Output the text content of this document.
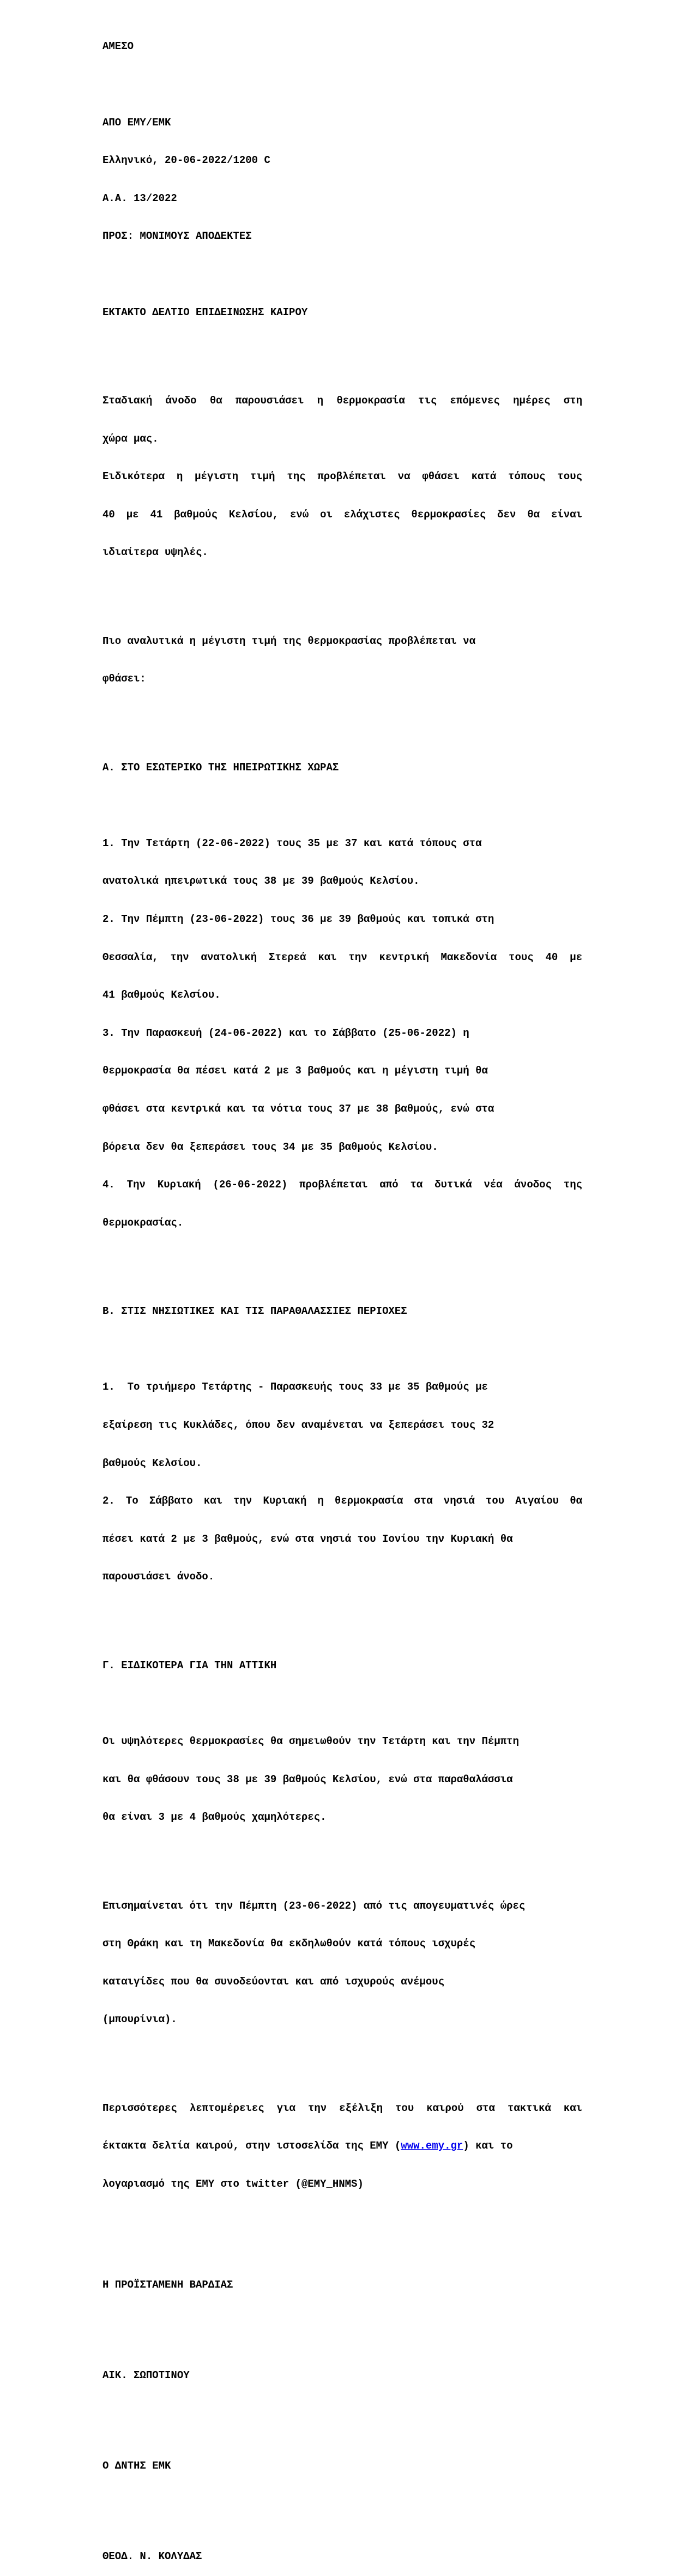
ΑΜΕΣΟ

ΑΠΟ ΕΜΥ/ΕΜΚ

Ελληνικό, 20-06-2022/1200 C

Α.Α. 13/2022

ΠΡΟΣ: ΜΟΝΙΜΟΥΣ ΑΠΟΔΕΚΤΕΣ

ΕΚΤΑΚΤΟ ΔΕΛΤΙΟ ΕΠΙΔΕΙΝΩΣΗΣ ΚΑΙΡΟΥ

Σταδιακή άνοδο θα παρουσιάσει η θερμοκρασία τις επόμενες ημέρες στη

χώρα μας.

Ειδικότερα η μέγιστη τιμή της προβλέπεται να φθάσει κατά τόπους τους

40 με 41 βαθμούς Κελσίου, ενώ οι ελάχιστες θερμοκρασίες δεν θα είναι

ιδιαίτερα υψηλές.

Πιο αναλυτικά η μέγιστη τιμή της θερμοκρασίας προβλέπεται να

φθάσει:

Α. ΣΤΟ ΕΣΩΤΕΡΙΚΟ ΤΗΣ ΗΠΕΙΡΩΤΙΚΗΣ ΧΩΡΑΣ

1. Την Τετάρτη (22-06-2022) τους 35 με 37 και κατά τόπους στα

ανατολικά ηπειρωτικά τους 38 με 39 βαθμούς Κελσίου.

2. Την Πέμπτη (23-06-2022) τους 36 με 39 βαθμούς και τοπικά στη

Θεσσαλία, την ανατολική Στερεά και την κεντρική Μακεδονία τους 40 με

41 βαθμούς Κελσίου.

3. Την Παρασκευή (24-06-2022) και το Σάββατο (25-06-2022) η

θερμοκρασία θα πέσει κατά 2 με 3 βαθμούς και η μέγιστη τιμή θα

φθάσει στα κεντρικά και τα νότια τους 37 με 38 βαθμούς, ενώ στα

βόρεια δεν θα ξεπεράσει τους 34 με 35 βαθμούς Κελσίου.

4. Την Κυριακή (26-06-2022) προβλέπεται από τα δυτικά νέα άνοδος της

θερμοκρασίας.

Β. ΣΤΙΣ ΝΗΣΙΩΤΙΚΕΣ ΚΑΙ ΤΙΣ ΠΑΡΑΘΑΛΑΣΣΙΕΣ ΠΕΡΙΟΧΕΣ

1.  Το τριήμερο Τετάρτης - Παρασκευής τους 33 με 35 βαθμούς με

εξαίρεση τις Κυκλάδες, όπου δεν αναμένεται να ξεπεράσει τους 32

βαθμούς Κελσίου.

2. Το Σάββατο και την Κυριακή η θερμοκρασία στα νησιά του Αιγαίου θα

πέσει κατά 2 με 3 βαθμούς, ενώ στα νησιά του Ιονίου την Κυριακή θα

παρουσιάσει άνοδο.

Γ. ΕΙΔΙΚΟΤΕΡΑ ΓΙΑ ΤΗΝ ΑΤΤΙΚΗ

Οι υψηλότερες θερμοκρασίες θα σημειωθούν την Τετάρτη και την Πέμπτη

και θα φθάσουν τους 38 με 39 βαθμούς Κελσίου, ενώ στα παραθαλάσσια

θα είναι 3 με 4 βαθμούς χαμηλότερες.

Επισημαίνεται ότι την Πέμπτη (23-06-2022) από τις απογευματινές ώρες

στη Θράκη και τη Μακεδονία θα εκδηλωθούν κατά τόπους ισχυρές

καταιγίδες που θα συνοδεύονται και από ισχυρούς ανέμους

(μπουρίνια).

Περισσότερες λεπτομέρειες για την εξέλιξη του καιρού στα τακτικά και

έκτακτα δελτία καιρού, στην ιστοσελίδα της ΕΜΥ (www.emy.gr) και το

λογαριασμό της ΕΜΥ στο twitter (@EMY_HNMS)

Η ΠΡΟΪΣΤΑΜΕΝΗ ΒΑΡΔΙΑΣ

ΑΙΚ. ΣΩΠΟΤΙΝΟΥ

Ο ΔΝΤΗΣ ΕΜΚ

ΘΕΟΔ. Ν. ΚΟΛΥΔΑΣ
